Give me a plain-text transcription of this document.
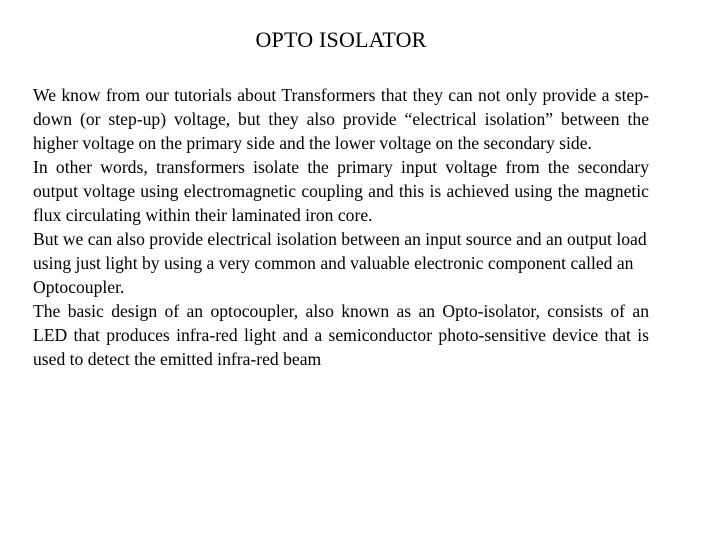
OPTO ISOLATOR

We know from our tutorials about Transformers that they can not only provide a step-down (or step-up) voltage, but they also provide “electrical isolation” between the higher voltage on the primary side and the lower voltage on the secondary side.

In other words, transformers isolate the primary input voltage from the secondary output voltage using electromagnetic coupling and this is achieved using the magnetic flux circulating within their laminated iron core.

But we can also provide electrical isolation between an input source and an output load using just light by using a very common and valuable electronic component called an Optocoupler.

The basic design of an optocoupler, also known as an Opto-isolator, consists of an LED that produces infra-red light and a semiconductor photo-sensitive device that is used to detect the emitted infra-red beam
